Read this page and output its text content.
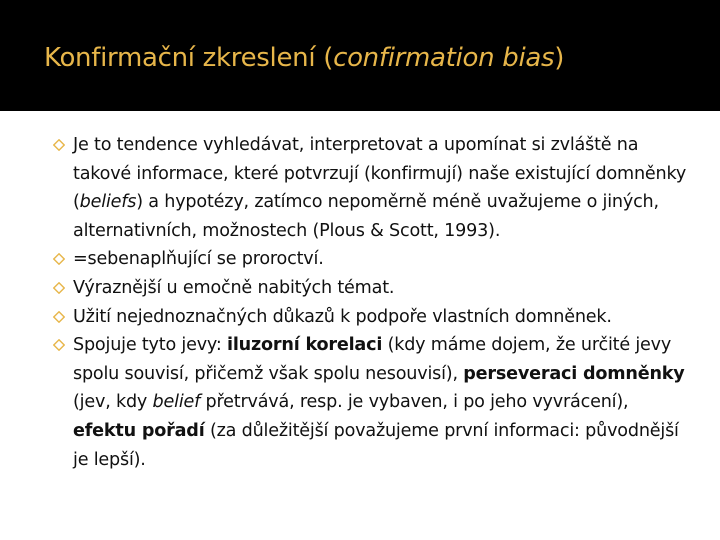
Konfirmační zkreslení (confirmation bias)
Je to tendence vyhledávat, interpretovat a upomínat si zvláště na takové informace, které potvrzují (konfirmují) naše existující domněnky (beliefs) a hypotézy, zatímco nepoměrně méně uvažujeme o jiných, alternativních, možnostech (Plous & Scott, 1993).
=sebenaplňující se proroctví.
Výraznější u emočně nabitých témat.
Užití nejednoznačných důkazů k podpoře vlastních domněnek.
Spojuje tyto jevy: iluzorní korelaci (kdy máme dojem, že určité jevy spolu souvisí, přičemž však spolu nesouvisí), perseveraci domněnky (jev, kdy belief přetrvává, resp. je vybaven, i po jeho vyvrácení), efektu pořadí (za důležitější považujeme první informaci: původnější je lepší).
